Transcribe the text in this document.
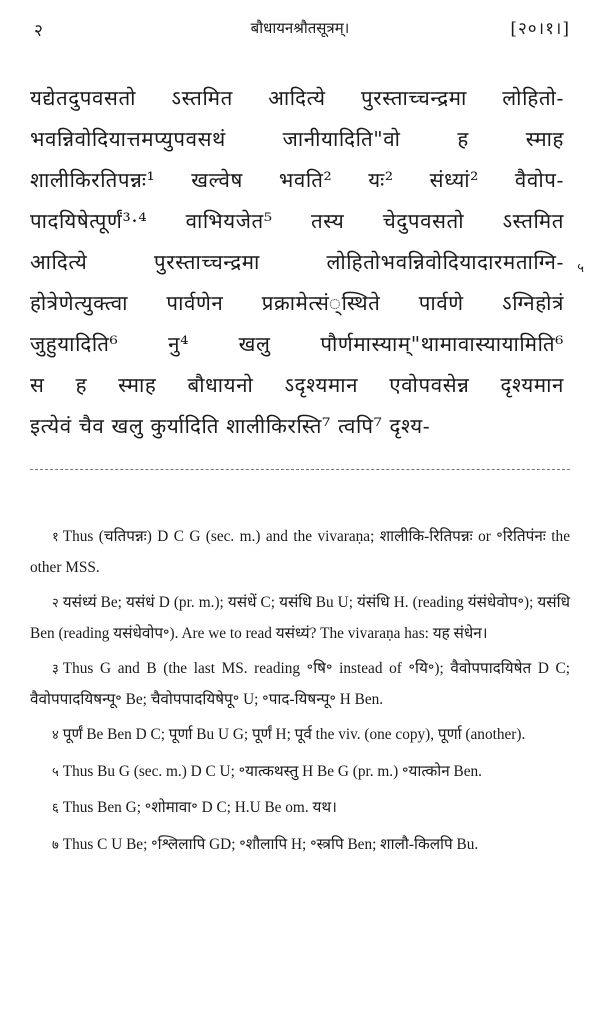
२	बौधायनश्रौतसूत्रम्।	[२०।१।]
यद्येतदुपवसतो ऽस्तमित आदित्ये पुरस्ताच्चन्द्रमा लोहितो-
भवन्निवोदियात्तमप्युपवसथं जानीयादिति"वो ह स्माह
शालीकिरतिपन्नः¹ खल्वेष भवति² यः² संध्यां² वैवोप-
पादयिषेत्पूर्णं³·⁴ वाभियजेत⁵ तस्य चेदुपवसतो ऽस्तमित
आदित्ये पुरस्ताच्चन्द्रमा लोहितोभवन्निवोदियादारमताग्नि-
होत्रेणेत्युक्त्वा पार्वणेन प्रक्रामेत्सं्स्थिते पार्वणे ऽग्निहोत्रं
जुहुयादिति⁶ नु⁴ खलु पौर्णमास्याम्"थामावास्यायामिति⁶
स ह स्माह बौधायनो ऽदृश्यमान एवोपवसेन्न दृश्यमान
इत्येवं चैव खलु कुर्यादिति शालीकिरस्ति⁷ त्वपि⁷ दृश्य-
५

१ Thus (चतिपन्नः) D C G (sec. m.) and the vivaraṇa; शालीकि-रितिपन्नः or ॰रितिपंनः the other MSS.

२ यसंध्यं Be; यसंधं D (pr. m.); यसंधें C; यसंधि Bu U; यंसंधि H. (reading यंसंधेवोप॰); यसंधि Ben (reading यसंधेवोप॰). Are we to read यसंध्यं? The vivaraṇa has: यह संधेन।

३ Thus G and B (the last MS. reading ॰षि॰ instead of ॰यि॰); वैवोपपादयिषेत D C; वैवोपपादयिषन्पू॰ Be; चैवोपपादयिषेपू॰ U; ॰पाद-यिषन्पू॰ H Ben.

४ पूर्णं Be Ben D C; पूर्णा Bu U G; पूर्णं H; पूर्व the viv. (one copy), पूर्णा (another).

५ Thus Bu G (sec. m.) D C U; ॰यात्कथस्तु H Be G (pr. m.) ॰यात्कोन Ben.

६ Thus Ben G; ॰शोमावा॰ D C; H.U Be om. यथ।

७ Thus C U Be; ॰श्लिलापि GD; ॰शौलापि H; ॰स्त्रपि Ben; शालौ-किलपि Bu.
